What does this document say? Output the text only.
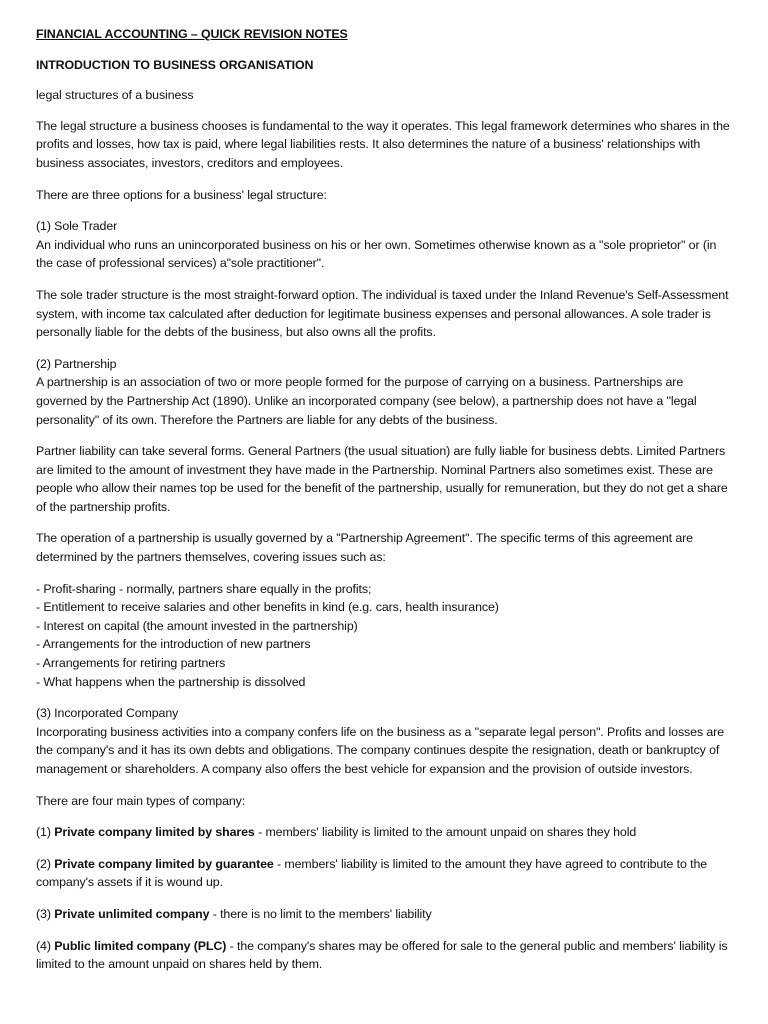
FINANCIAL ACCOUNTING – QUICK REVISION NOTES

INTRODUCTION TO BUSINESS ORGANISATION

legal structures of a business

The legal structure a business chooses is fundamental to the way it operates. This legal framework determines who shares in the profits and losses, how tax is paid, where legal liabilities rests. It also determines the nature of a business' relationships with business associates, investors, creditors and employees.

There are three options for a business' legal structure:

(1) Sole Trader
An individual who runs an unincorporated business on his or her own. Sometimes otherwise known as a "sole proprietor" or (in the case of professional services) a"sole practitioner".

The sole trader structure is the most straight-forward option. The individual is taxed under the Inland Revenue's Self-Assessment system, with income tax calculated after deduction for legitimate business expenses and personal allowances. A sole trader is personally liable for the debts of the business, but also owns all the profits.

(2) Partnership
A partnership is an association of two or more people formed for the purpose of carrying on a business. Partnerships are governed by the Partnership Act (1890). Unlike an incorporated company (see below), a partnership does not have a "legal personality" of its own. Therefore the Partners are liable for any debts of the business.

Partner liability can take several forms. General Partners (the usual situation) are fully liable for business debts. Limited Partners are limited to the amount of investment they have made in the Partnership. Nominal Partners also sometimes exist. These are people who allow their names top be used for the benefit of the partnership, usually for remuneration, but they do not get a share of the partnership profits.

The operation of a partnership is usually governed by a "Partnership Agreement". The specific terms of this agreement are determined by the partners themselves, covering issues such as:

- Profit-sharing - normally, partners share equally in the profits;
- Entitlement to receive salaries and other benefits in kind (e.g. cars, health insurance)
- Interest on capital (the amount invested in the partnership)
- Arrangements for the introduction of new partners
- Arrangements for retiring partners
- What happens when the partnership is dissolved

(3) Incorporated Company
Incorporating business activities into a company confers life on the business as a "separate legal person". Profits and losses are the company's and it has its own debts and obligations. The company continues despite the resignation, death or bankruptcy of management or shareholders. A company also offers the best vehicle for expansion and the provision of outside investors.

There are four main types of company:

(1) Private company limited by shares - members' liability is limited to the amount unpaid on shares they hold

(2) Private company limited by guarantee - members' liability is limited to the amount they have agreed to contribute to the company's assets if it is wound up.

(3) Private unlimited company - there is no limit to the members' liability

(4) Public limited company (PLC) - the company's shares may be offered for sale to the general public and members' liability is limited to the amount unpaid on shares held by them.
